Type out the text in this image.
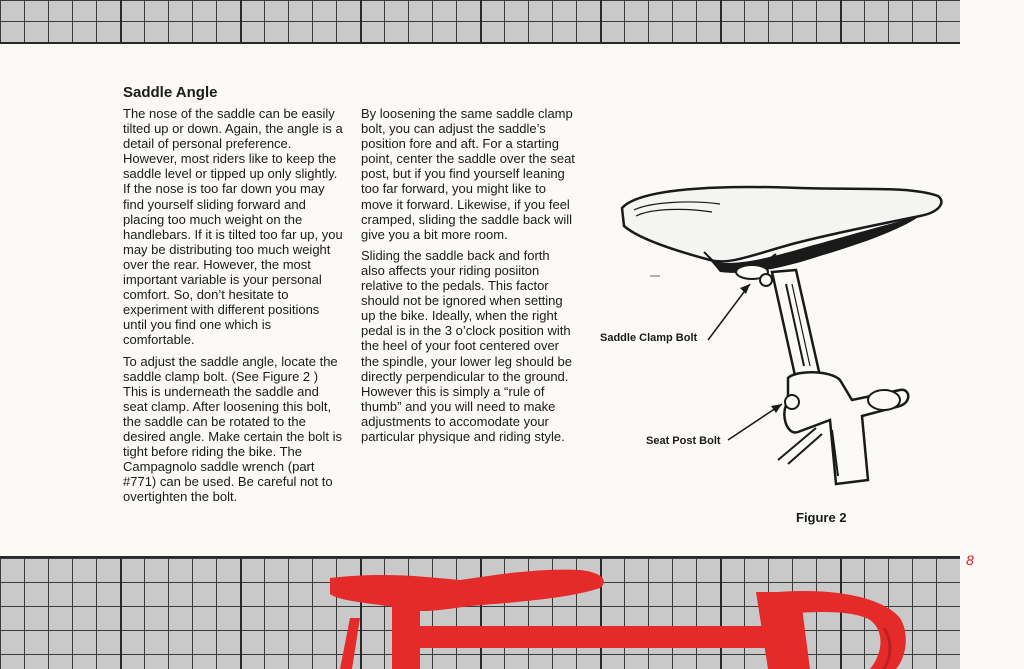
Saddle Angle

The nose of the saddle can be easily tilted up or down. Again, the angle is a detail of personal preference. However, most riders like to keep the saddle level or tipped up only slightly. If the nose is too far down you may find yourself sliding forward and placing too much weight on the handlebars. If it is tilted too far up, you may be distributing too much weight over the rear. However, the most important variable is your personal comfort. So, don’t hesitate to experiment with different positions until you find one which is comfortable.

To adjust the saddle angle, locate the saddle clamp bolt. (See Figure 2 ) This is underneath the saddle and seat clamp. After loosening this bolt, the saddle can be rotated to the desired angle. Make certain the bolt is tight before riding the bike. The Campagnolo saddle wrench (part #771) can be used. Be careful not to overtighten the bolt.

By loosening the same saddle clamp bolt, you can adjust the saddle’s position fore and aft. For a starting point, center the saddle over the seat post, but if you find yourself leaning too far forward, you might like to move it forward. Likewise, if you feel cramped, sliding the saddle back will give you a bit more room.

Sliding the saddle back and forth also affects your riding posiiton relative to the pedals. This factor should not be ignored when setting up the bike. Ideally, when the right pedal is in the 3 o’clock position with the heel of your foot centered over the spindle, your lower leg should be directly perpendicular to the ground. However this is simply a “rule of thumb” and you will need to make adjustments to accomodate your particular physique and riding style.

Saddle Clamp Bolt
Seat Post Bolt
Figure 2
8
